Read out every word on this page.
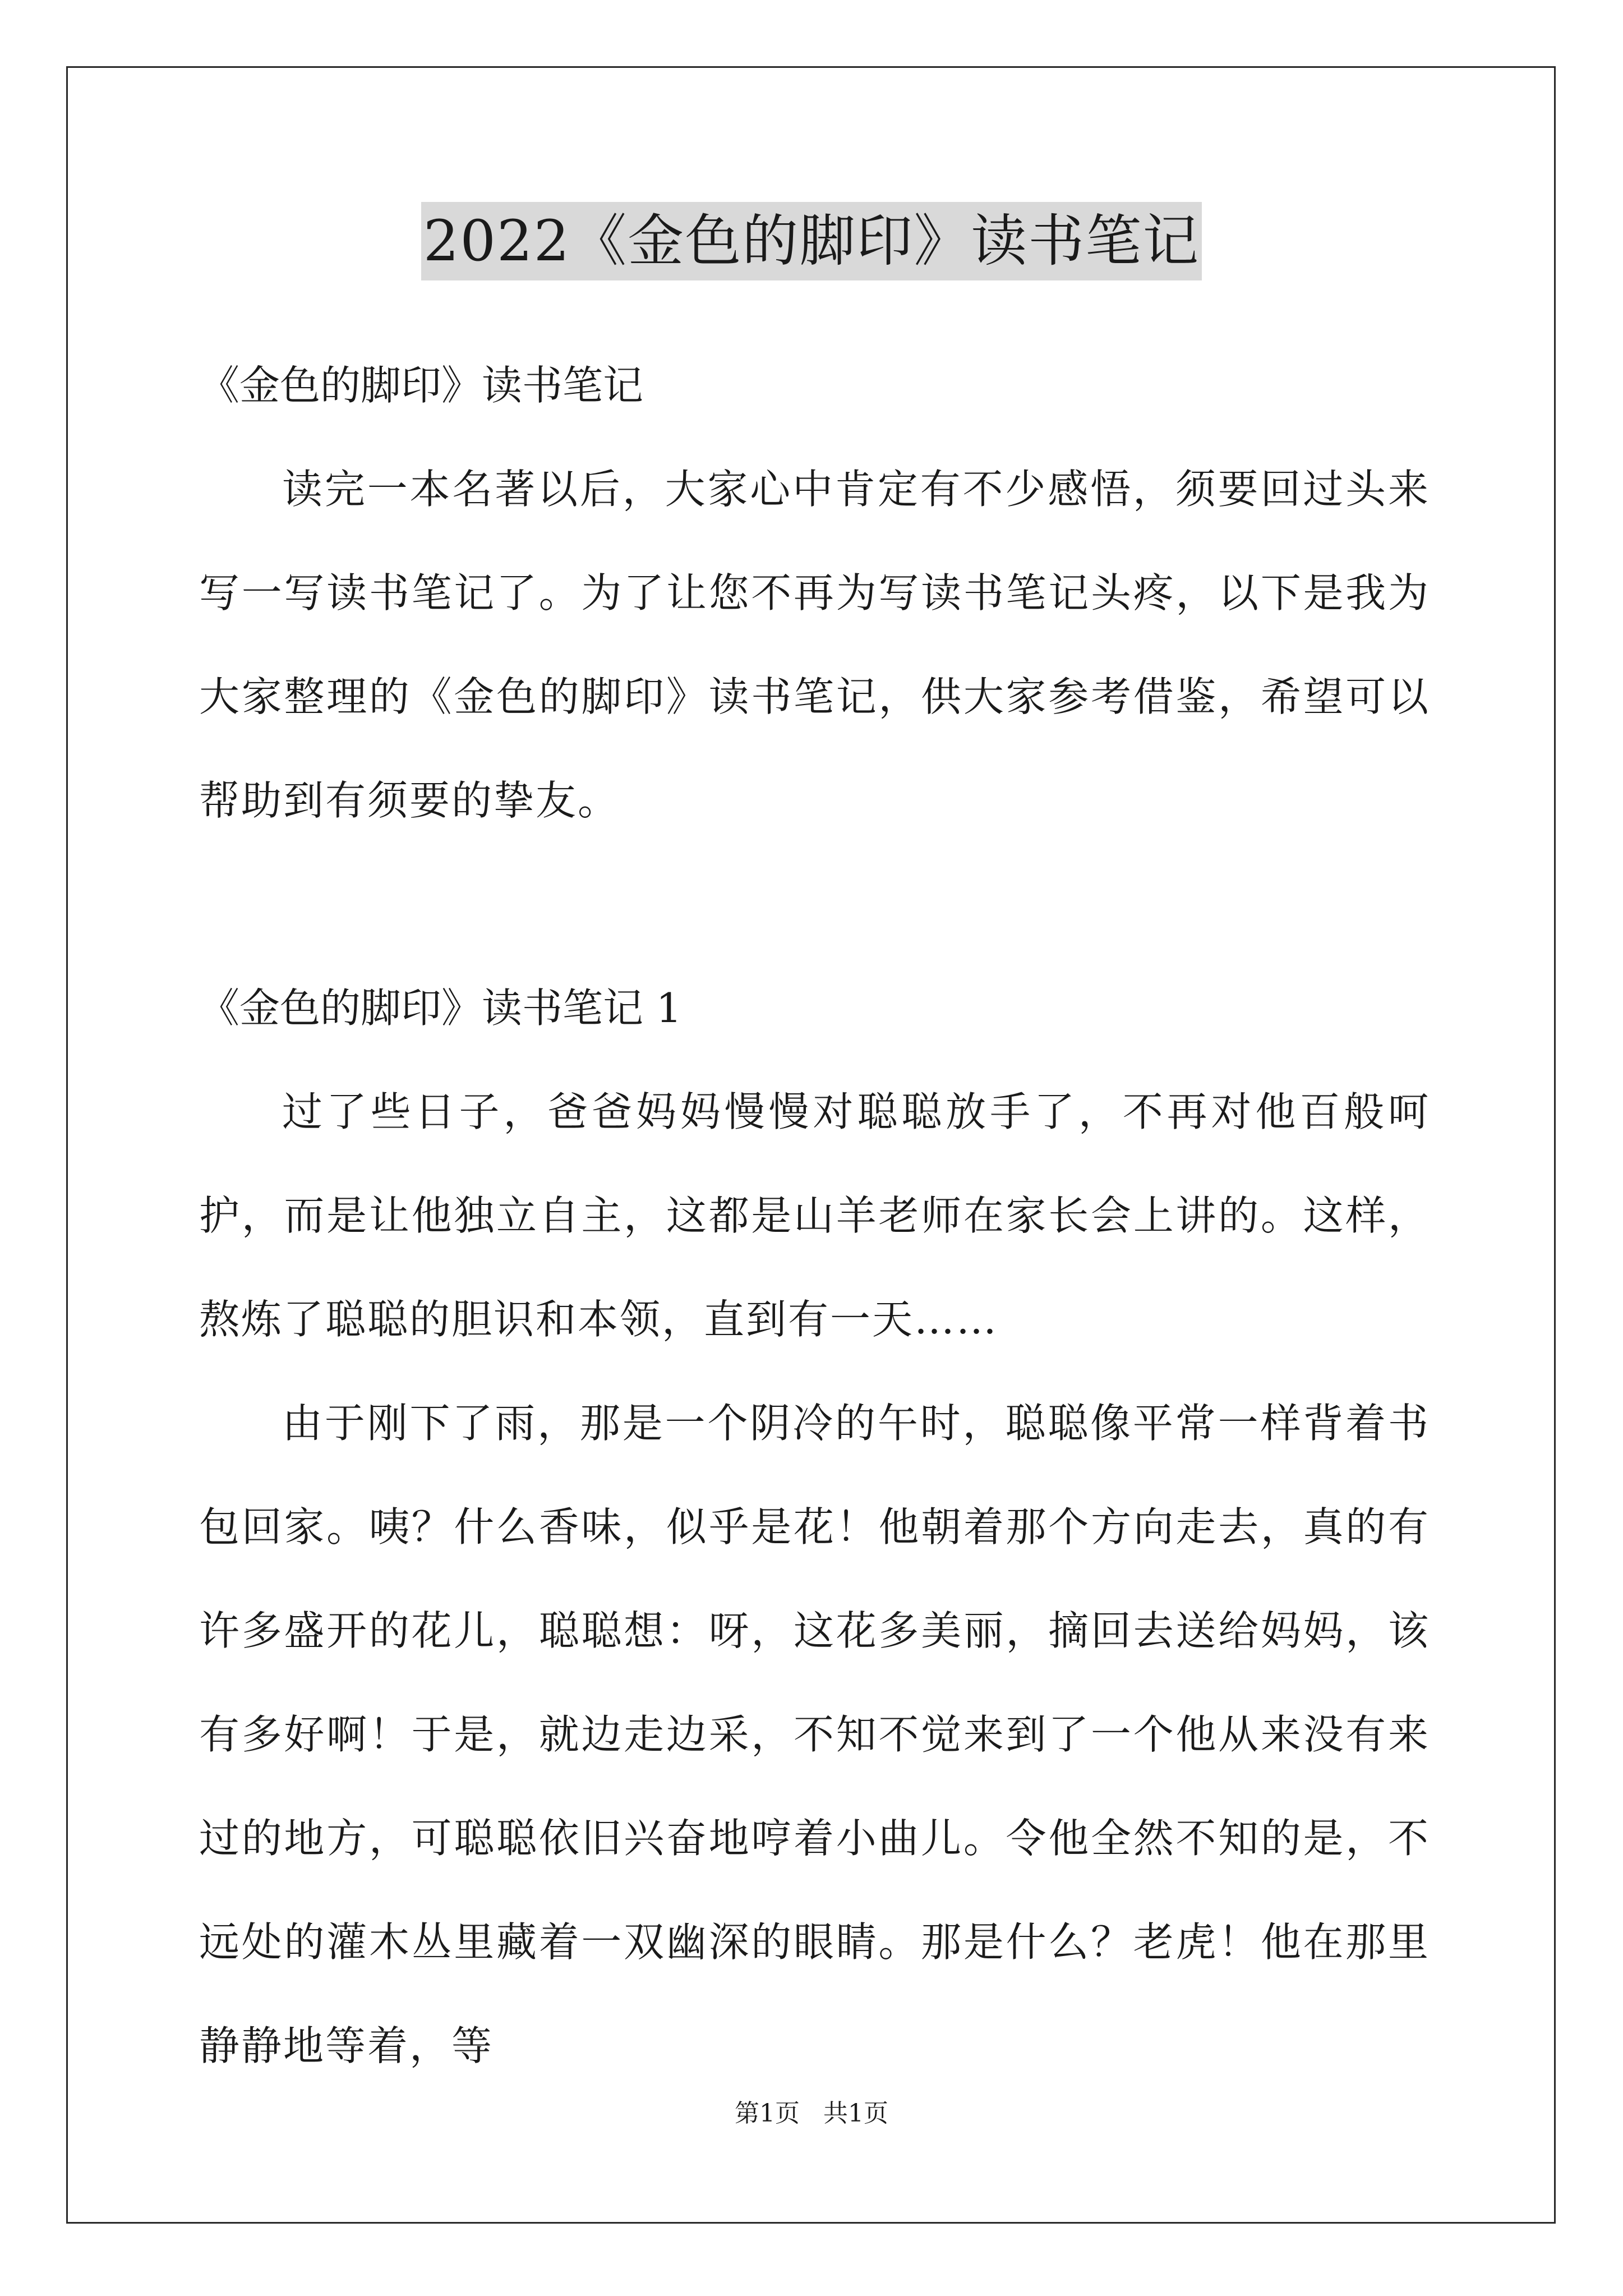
2022《金色的脚印》读书笔记
《金色的脚印》读书笔记

读完一本名著以后，大家心中肯定有不少感悟，须要回过头来写一写读书笔记了。为了让您不再为写读书笔记头疼，以下是我为大家整理的《金色的脚印》读书笔记，供大家参考借鉴，希望可以帮助到有须要的挚友。

《金色的脚印》读书笔记 1

过了些日子，爸爸妈妈慢慢对聪聪放手了，不再对他百般呵护，而是让他独立自主，这都是山羊老师在家长会上讲的。这样，熬炼了聪聪的胆识和本领，直到有一天……

由于刚下了雨，那是一个阴冷的午时，聪聪像平常一样背着书包回家。咦？什么香味，似乎是花！他朝着那个方向走去，真的有许多盛开的花儿，聪聪想：呀，这花多美丽，摘回去送给妈妈，该有多好啊！于是，就边走边采，不知不觉来到了一个他从来没有来过的地方，可聪聪依旧兴奋地哼着小曲儿。令他全然不知的是，不远处的灌木丛里藏着一双幽深的眼睛。那是什么？老虎！他在那里静静地等着，等

第1页   共1页
